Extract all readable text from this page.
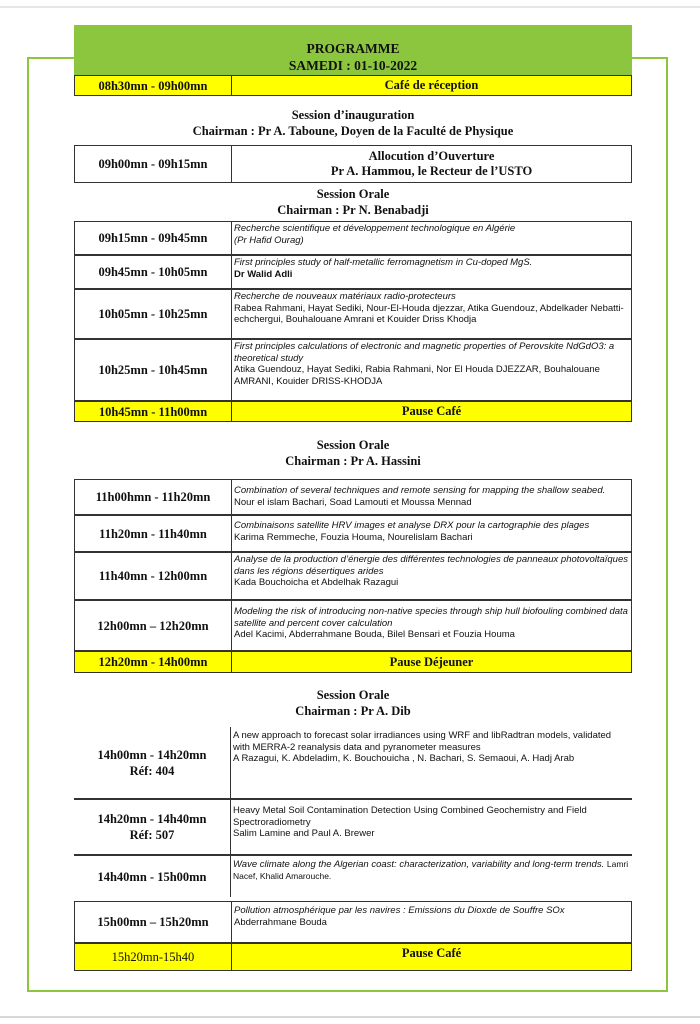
PROGRAMME
SAMEDI : 01-10-2022
08h30mn - 09h00mn	Café de réception
Session d’inauguration
Chairman : Pr A. Taboune, Doyen de la Faculté de Physique
09h00mn - 09h15mn
Allocution d’Ouverture
Pr A. Hammou, le Recteur de l’USTO
Session Orale
Chairman : Pr N. Benabadji
09h15mn - 09h45mn
Recherche scientifique et développement technologique en Algérie
(Pr Hafid Ourag)
09h45mn - 10h05mn
First principles study of half-metallic ferromagnetism in Cu-doped MgS.
Dr Walid Adli
10h05mn - 10h25mn
Recherche de nouveaux matériaux radio-protecteurs
Rabea Rahmani, Hayat Sediki, Nour-El-Houda djezzar, Atika Guendouz, Abdelkader Nebatti-echchergui, Bouhalouane Amrani et Kouider Driss Khodja
10h25mn - 10h45mn
First principles calculations of electronic and magnetic properties of Perovskite NdGdO3: a theoretical study
Atika Guendouz, Hayat Sediki, Rabia Rahmani, Nor El Houda DJEZZAR, Bouhalouane AMRANI, Kouider DRISS-KHODJA
10h45mn - 11h00mn	Pause Café
Session Orale
Chairman : Pr A. Hassini
11h00hmn - 11h20mn	Combination of several techniques and remote sensing for mapping the shallow seabed.
Nour el islam Bachari, Soad Lamouti et Moussa Mennad
11h20mn - 11h40mn
Combinaisons satellite HRV images et analyse DRX pour la cartographie des plages
Karima Remmeche, Fouzia Houma, Nourelislam Bachari
11h40mn - 12h00mn
Analyse de la production d’énergie des différentes technologies de panneaux photovoltaïques dans les régions désertiques arides
Kada Bouchoicha et Abdelhak Razagui
12h00mn – 12h20mn
Modeling the risk of introducing non-native species through ship hull biofouling combined data satellite and percent cover calculation
Adel Kacimi, Abderrahmane Bouda, Bilel Bensari et Fouzia Houma
12h20mn - 14h00mn	Pause Déjeuner
Session Orale
Chairman : Pr A. Dib
14h00mn - 14h20mn
Réf: 404
A new approach to forecast solar irradiances using WRF and libRadtran models, validated with MERRA-2 reanalysis data and pyranometer measures
A Razagui, K. Abdeladim, K. Bouchouicha , N. Bachari, S. Semaoui, A. Hadj Arab
14h20mn - 14h40mn
Réf: 507
Heavy Metal Soil Contamination Detection Using Combined Geochemistry and Field Spectroradiometry
Salim Lamine and Paul A. Brewer
14h40mn - 15h00mn
Wave climate along the Algerian coast: characterization, variability and long-term trends. Lamri Nacef, Khalid Amarouche.
15h00mn – 15h20mn
Pollution atmosphérique par les navires : Emissions du Dioxde de Souffre SOx
Abderrahmane Bouda
15h20mn-15h40	Pause Café
